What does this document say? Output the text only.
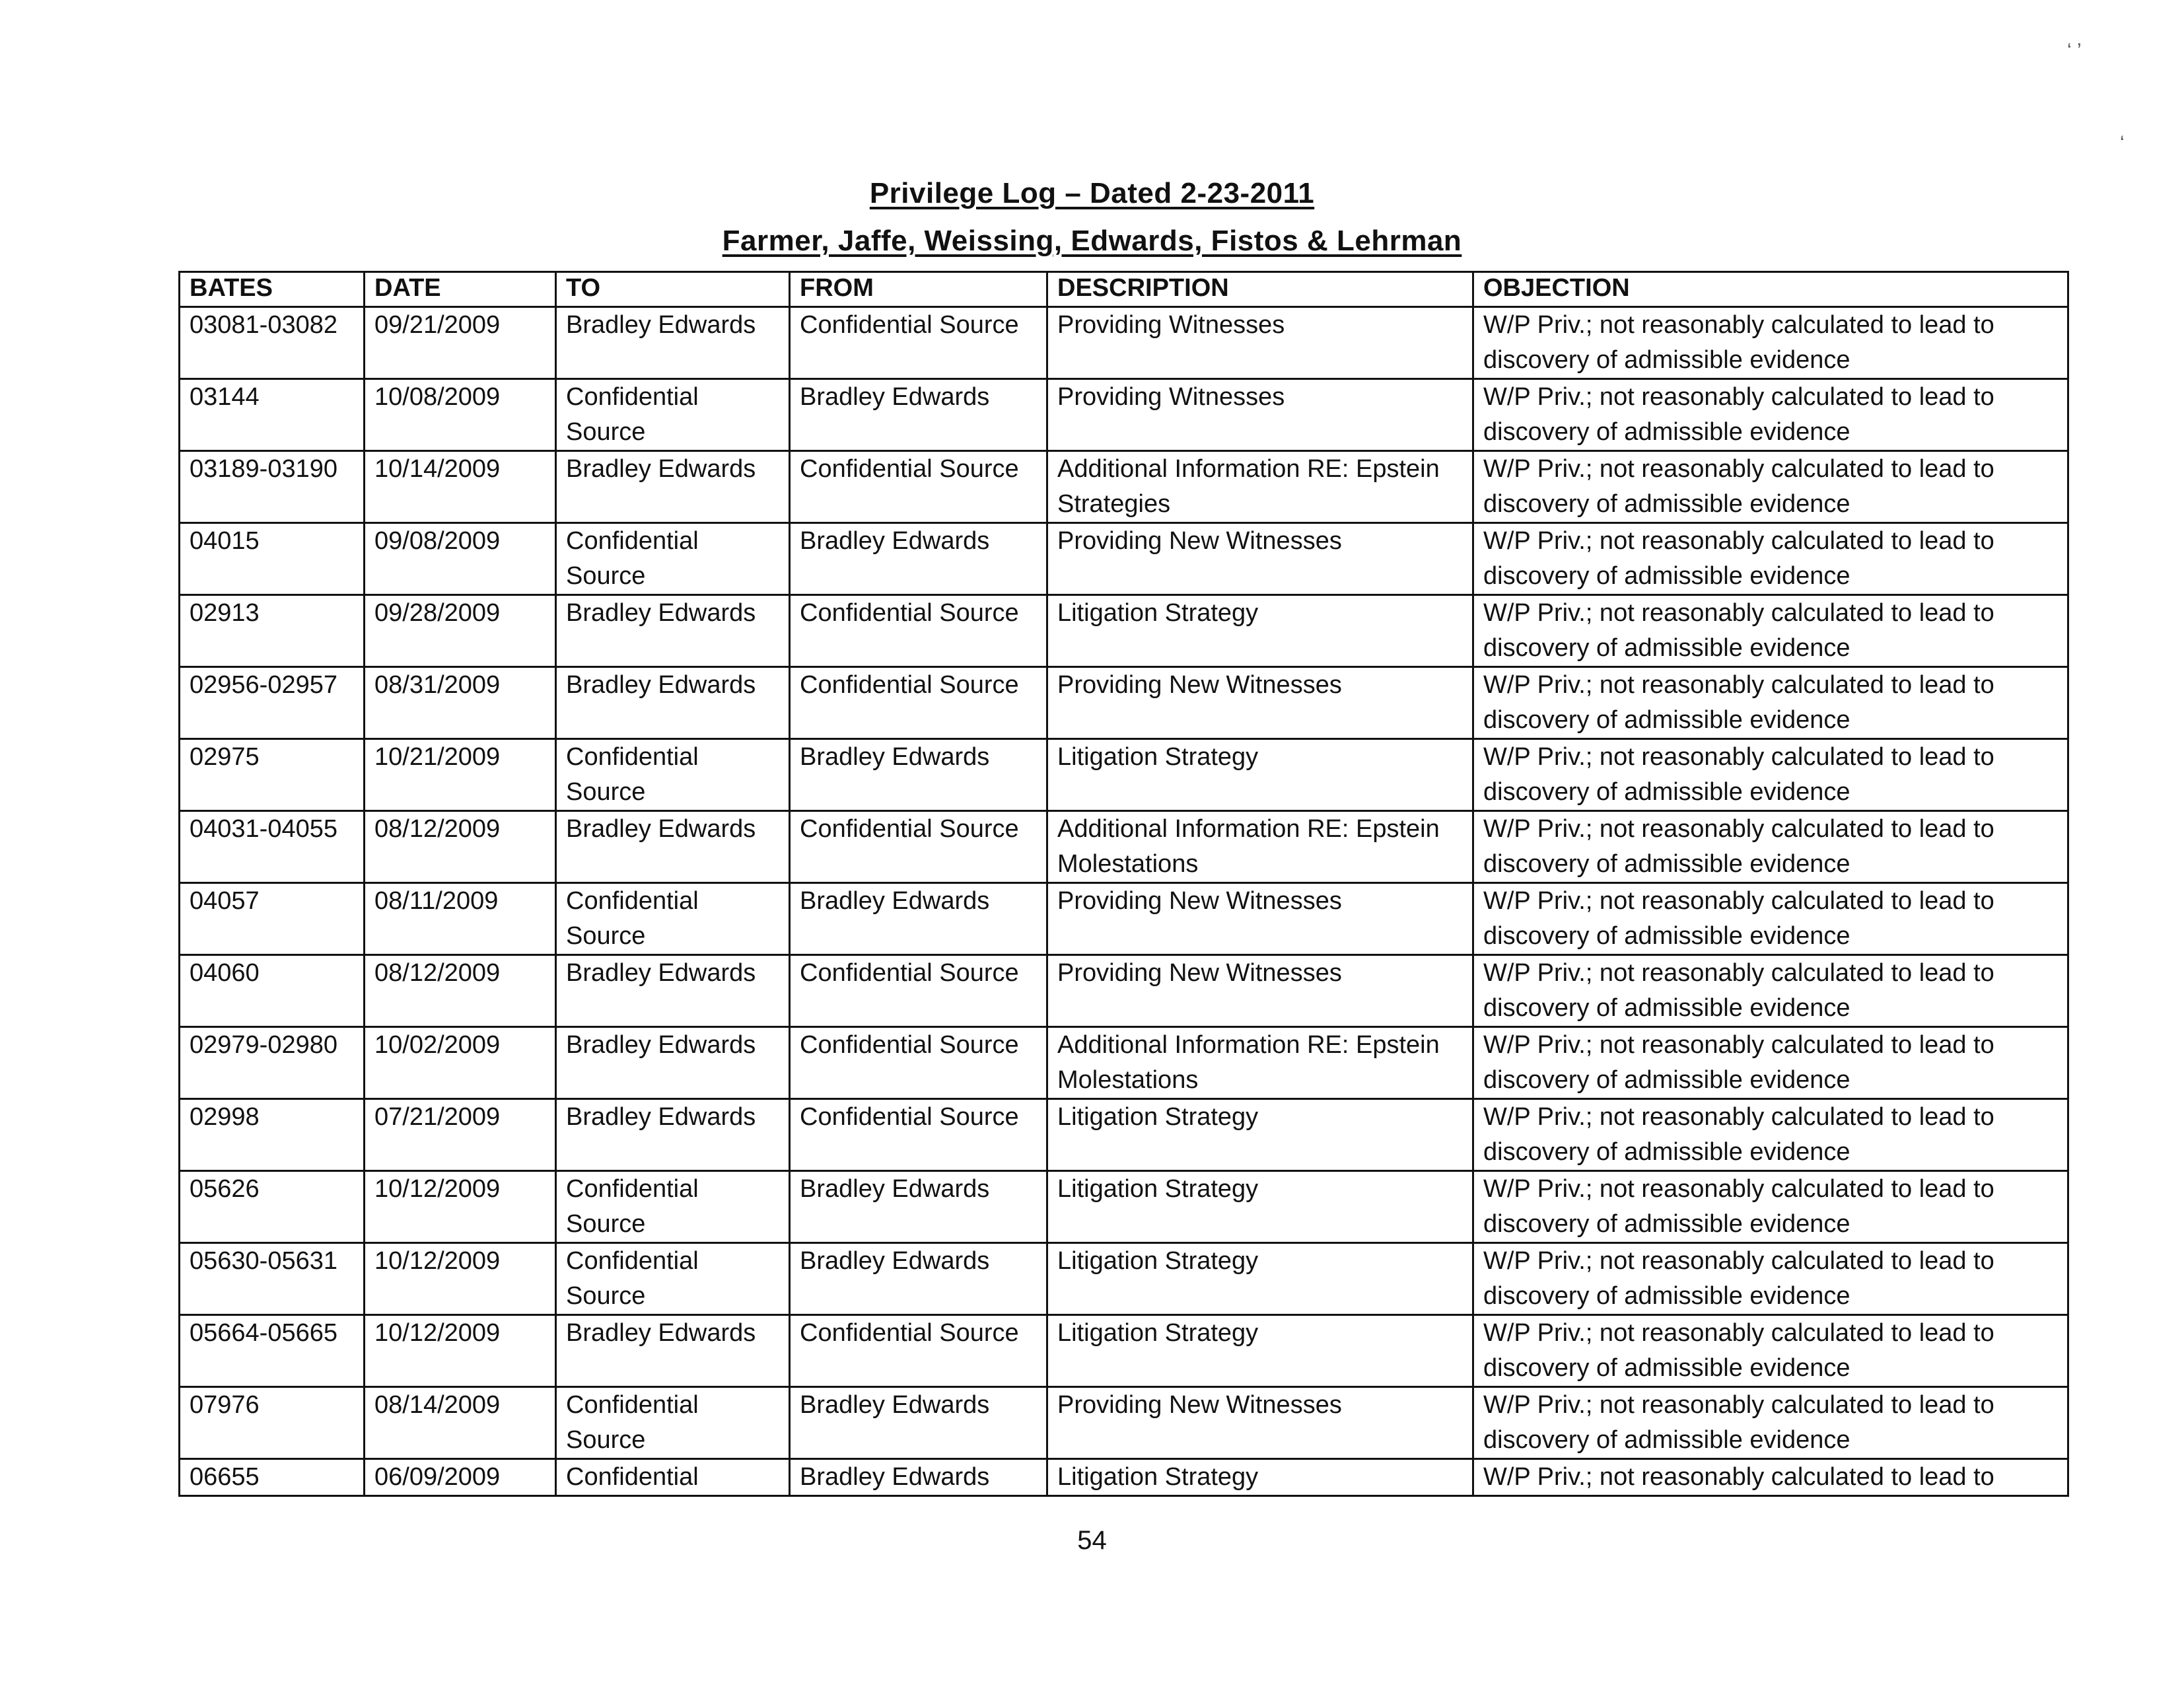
‘ ’
‘
Privilege Log – Dated 2-23-2011
Farmer, Jaffe, Weissing, Edwards, Fistos & Lehrman
BATES	DATE	TO	FROM	DESCRIPTION	OBJECTION
03081-03082	09/21/2009	Bradley Edwards	Confidential Source	Providing Witnesses	W/P Priv.; not reasonably calculated to lead to discovery of admissible evidence
03144	10/08/2009	Confidential Source	Bradley Edwards	Providing Witnesses	W/P Priv.; not reasonably calculated to lead to discovery of admissible evidence
03189-03190	10/14/2009	Bradley Edwards	Confidential Source	Additional Information RE: Epstein Strategies	W/P Priv.; not reasonably calculated to lead to discovery of admissible evidence
04015	09/08/2009	Confidential Source	Bradley Edwards	Providing New Witnesses	W/P Priv.; not reasonably calculated to lead to discovery of admissible evidence
02913	09/28/2009	Bradley Edwards	Confidential Source	Litigation Strategy	W/P Priv.; not reasonably calculated to lead to discovery of admissible evidence
02956-02957	08/31/2009	Bradley Edwards	Confidential Source	Providing New Witnesses	W/P Priv.; not reasonably calculated to lead to discovery of admissible evidence
02975	10/21/2009	Confidential Source	Bradley Edwards	Litigation Strategy	W/P Priv.; not reasonably calculated to lead to discovery of admissible evidence
04031-04055	08/12/2009	Bradley Edwards	Confidential Source	Additional Information RE: Epstein Molestations	W/P Priv.; not reasonably calculated to lead to discovery of admissible evidence
04057	08/11/2009	Confidential Source	Bradley Edwards	Providing New Witnesses	W/P Priv.; not reasonably calculated to lead to discovery of admissible evidence
04060	08/12/2009	Bradley Edwards	Confidential Source	Providing New Witnesses	W/P Priv.; not reasonably calculated to lead to discovery of admissible evidence
02979-02980	10/02/2009	Bradley Edwards	Confidential Source	Additional Information RE: Epstein Molestations	W/P Priv.; not reasonably calculated to lead to discovery of admissible evidence
02998	07/21/2009	Bradley Edwards	Confidential Source	Litigation Strategy	W/P Priv.; not reasonably calculated to lead to discovery of admissible evidence
05626	10/12/2009	Confidential Source	Bradley Edwards	Litigation Strategy	W/P Priv.; not reasonably calculated to lead to discovery of admissible evidence
05630-05631	10/12/2009	Confidential Source	Bradley Edwards	Litigation Strategy	W/P Priv.; not reasonably calculated to lead to discovery of admissible evidence
05664-05665	10/12/2009	Bradley Edwards	Confidential Source	Litigation Strategy	W/P Priv.; not reasonably calculated to lead to discovery of admissible evidence
07976	08/14/2009	Confidential Source	Bradley Edwards	Providing New Witnesses	W/P Priv.; not reasonably calculated to lead to discovery of admissible evidence
06655	06/09/2009	Confidential	Bradley Edwards	Litigation Strategy	W/P Priv.; not reasonably calculated to lead to
54
